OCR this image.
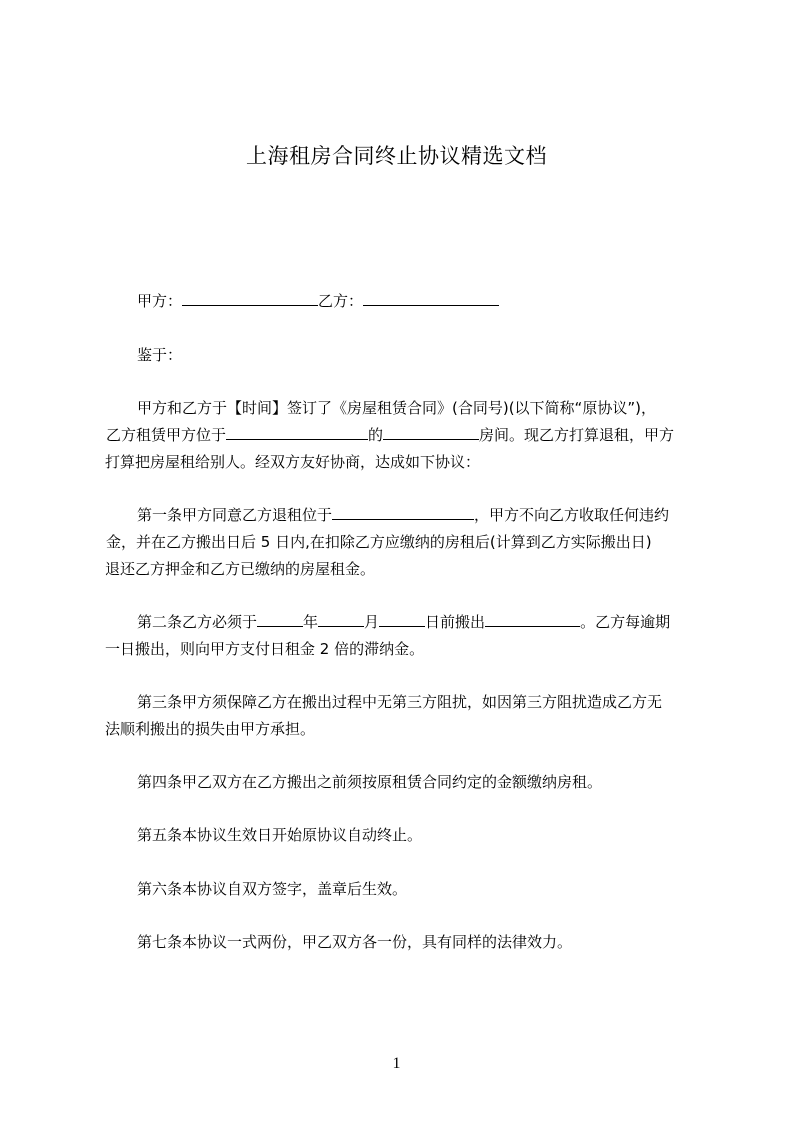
上海租房合同终止协议精选文档
甲方：	乙方：
鉴于：
甲方和乙方于【时间】签订了《房屋租赁合同》(合同号)(以下简称“原协议”)，
乙方租赁甲方位于	的	房间。现乙方打算退租，甲方
打算把房屋租给别人。经双方友好协商，达成如下协议：
第一条甲方同意乙方退租位于	，甲方不向乙方收取任何违约
金，并在乙方搬出日后 5 日内,在扣除乙方应缴纳的房租后(计算到乙方实际搬出日)
退还乙方押金和乙方已缴纳的房屋租金。
第二条乙方必须于	年	月	日前搬出	。乙方每逾期
一日搬出，则向甲方支付日租金 2 倍的滞纳金。
第三条甲方须保障乙方在搬出过程中无第三方阻扰，如因第三方阻扰造成乙方无
法顺利搬出的损失由甲方承担。
第四条甲乙双方在乙方搬出之前须按原租赁合同约定的金额缴纳房租。
第五条本协议生效日开始原协议自动终止。
第六条本协议自双方签字，盖章后生效。
第七条本协议一式两份，甲乙双方各一份，具有同样的法律效力。
1
